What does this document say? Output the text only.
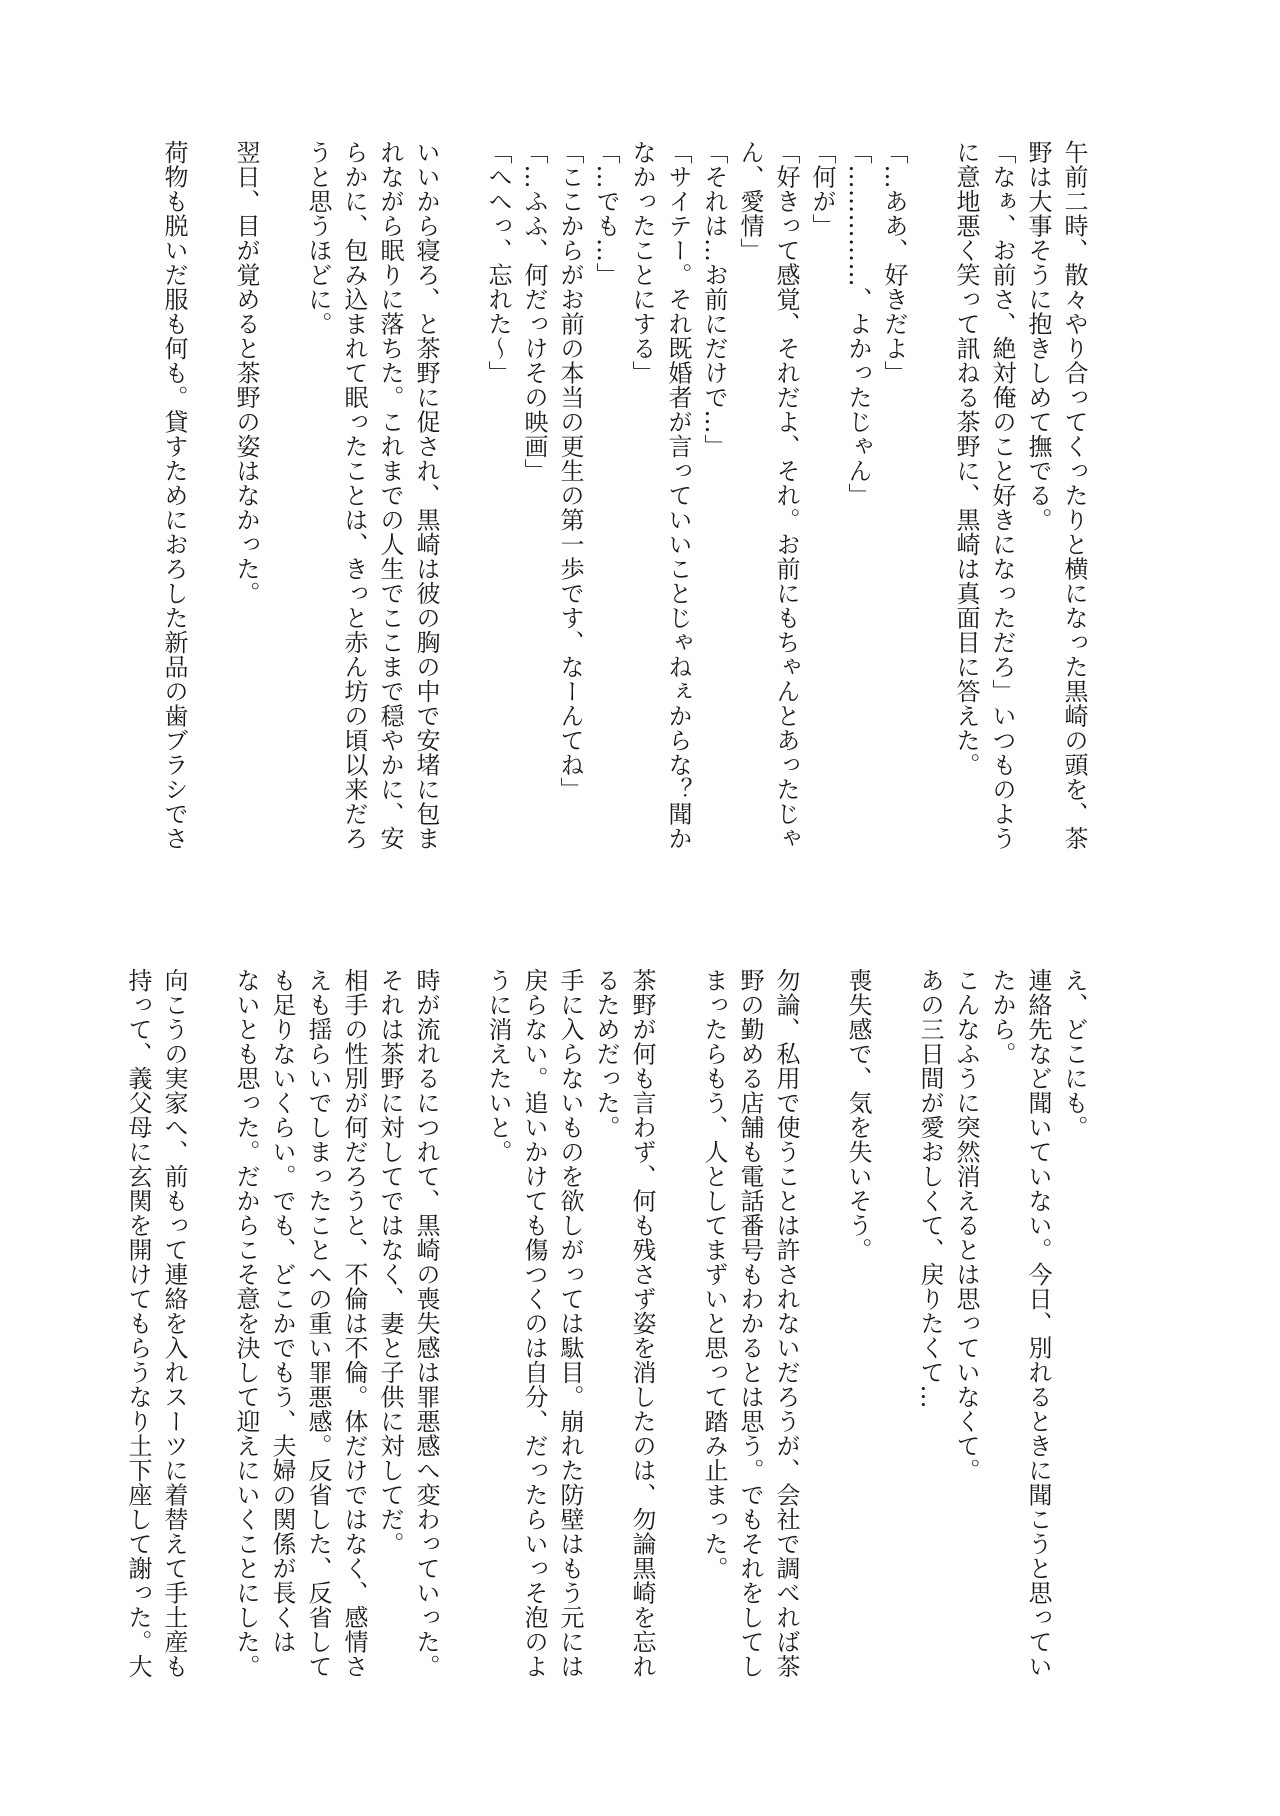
午前二時、散々やり合ってくったりと横になった黒崎の頭を、茶
野は大事そうに抱きしめて撫でる。
「なぁ、お前さ、絶対俺のこと好きになっただろ」いつものよう
に意地悪く笑って訊ねる茶野に、黒崎は真面目に答えた。

「…ああ、好きだよ」
「……………、よかったじゃん」
「何が」
「好きって感覚、それだよ、それ。お前にもちゃんとあったじゃ
ん、愛情」
「それは…お前にだけで…」
「サイテー。それ既婚者が言っていいことじゃねぇからな？聞か
なかったことにする」
「…でも…」
「ここからがお前の本当の更生の第一歩です、なーんてね」
「…ふふ、何だっけその映画」
「へへっ、忘れた〜」

いいから寝ろ、と茶野に促され、黒崎は彼の胸の中で安堵に包ま
れながら眠りに落ちた。これまでの人生でここまで穏やかに、安
らかに、包み込まれて眠ったことは、きっと赤ん坊の頃以来だろ
うと思うほどに。

翌日、目が覚めると茶野の姿はなかった。

荷物も脱いだ服も何も。貸すためにおろした新品の歯ブラシでさ
え、どこにも。
連絡先など聞いていない。今日、別れるときに聞こうと思ってい
たから。
こんなふうに突然消えるとは思っていなくて。
あの三日間が愛おしくて、戻りたくて…

喪失感で、気を失いそう。

勿論、私用で使うことは許されないだろうが、会社で調べれば茶
野の勤める店舗も電話番号もわかるとは思う。でもそれをしてし
まったらもう、人としてまずいと思って踏み止まった。

茶野が何も言わず、何も残さず姿を消したのは、勿論黒崎を忘れ
るためだった。
手に入らないものを欲しがっては駄目。崩れた防壁はもう元には
戻らない。追いかけても傷つくのは自分、だったらいっそ泡のよ
うに消えたいと。

時が流れるにつれて、黒崎の喪失感は罪悪感へ変わっていった。
それは茶野に対してではなく、妻と子供に対してだ。
相手の性別が何だろうと、不倫は不倫。体だけではなく、感情さ
えも揺らいでしまったことへの重い罪悪感。反省した、反省して
も足りないくらい。でも、どこかでもう、夫婦の関係が長くは
ないとも思った。だからこそ意を決して迎えにいくことにした。

向こうの実家へ、前もって連絡を入れスーツに着替えて手土産も
持って、義父母に玄関を開けてもらうなり土下座して謝った。大
